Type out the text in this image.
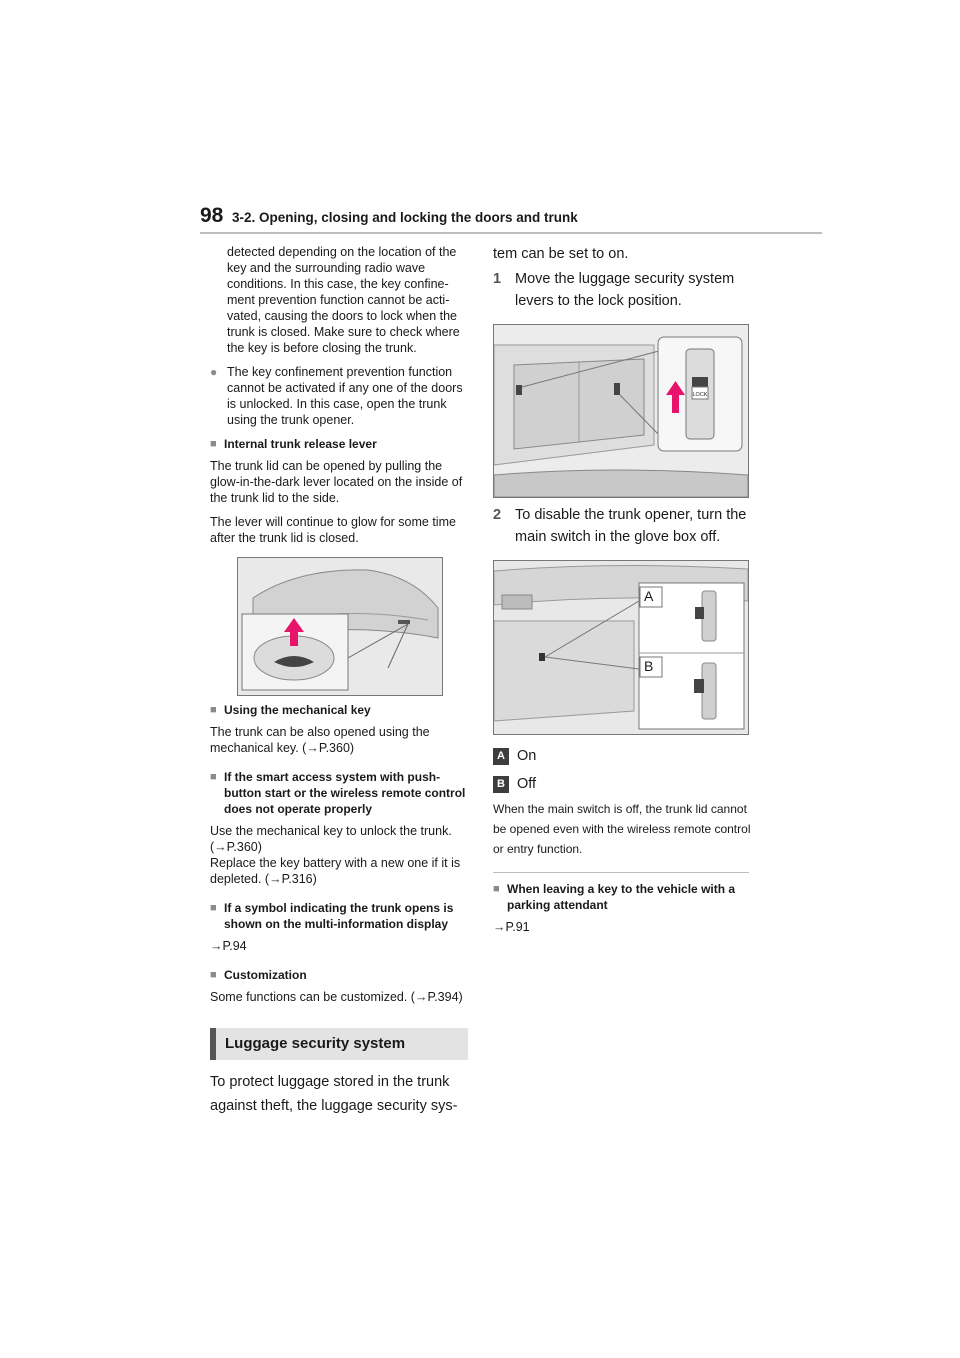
98 3-2. Opening, closing and locking the doors and trunk

detected depending on the location of the key and the surrounding radio wave conditions. In this case, the key confine-ment prevention function cannot be acti-vated, causing the doors to lock when the trunk is closed. Make sure to check where the key is before closing the trunk.

● The key confinement prevention function cannot be activated if any one of the doors is unlocked. In this case, open the trunk using the trunk opener.
■ Internal trunk release lever

The trunk lid can be opened by pulling the glow-in-the-dark lever located on the inside of the trunk lid to the side.

The lever will continue to glow for some time after the trunk lid is closed.

■ Using the mechanical key

The trunk can be also opened using the mechanical key. (→P.360)

■ If the smart access system with push-button start or the wireless remote control does not operate properly

Use the mechanical key to unlock the trunk. (→P.360)

Replace the key battery with a new one if it is depleted. (→P.316)

■ If a symbol indicating the trunk opens is shown on the multi-information display

→P.94

■ Customization

Some functions can be customized. (→P.394)

Luggage security system
To protect luggage stored in the trunk against theft, the luggage security sys-
tem can be set to on.
1 Move the luggage security system levers to the lock position.
LOCK
2 To disable the trunk opener, turn the main switch in the glove box off.
A
B
A On
B Off
When the main switch is off, the trunk lid cannot be opened even with the wireless remote control or entry function.
■ When leaving a key to the vehicle with a parking attendant

→P.91
